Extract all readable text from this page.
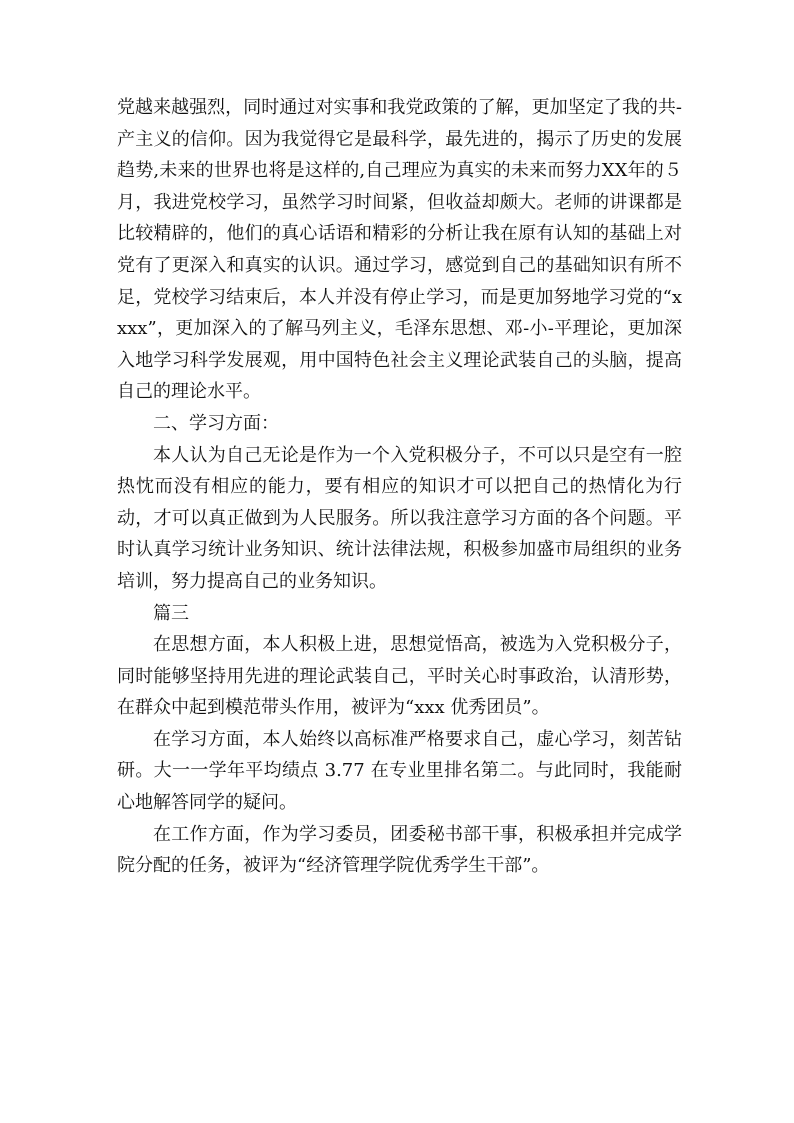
党越来越强烈，同时通过对实事和我党政策的了解，更加坚定了我的共-产主义的信仰。因为我觉得它是最科学，最先进的，揭示了历史的发展趋势,未来的世界也将是这样的,自己理应为真实的未来而努力XX年的５月，我进党校学习，虽然学习时间紧，但收益却颇大。老师的讲课都是比较精辟的，他们的真心话语和精彩的分析让我在原有认知的基础上对党有了更深入和真实的认识。通过学习，感觉到自己的基础知识有所不足，党校学习结束后，本人并没有停止学习，而是更加努地学习党的“xxxx”，更加深入的了解马列主义，毛泽东思想、邓-小-平理论，更加深入地学习科学发展观，用中国特色社会主义理论武装自己的头脑，提高自己的理论水平。

二、学习方面：

本人认为自己无论是作为一个入党积极分子，不可以只是空有一腔热忱而没有相应的能力，要有相应的知识才可以把自己的热情化为行动，才可以真正做到为人民服务。所以我注意学习方面的各个问题。平时认真学习统计业务知识、统计法律法规，积极参加盛市局组织的业务培训，努力提高自己的业务知识。

篇三

在思想方面，本人积极上进，思想觉悟高，被选为入党积极分子，同时能够坚持用先进的理论武装自己，平时关心时事政治，认清形势，在群众中起到模范带头作用，被评为“xxx 优秀团员”。

在学习方面，本人始终以高标准严格要求自己，虚心学习，刻苦钻研。大一一学年平均绩点 3.77 在专业里排名第二。与此同时，我能耐心地解答同学的疑问。

在工作方面，作为学习委员，团委秘书部干事，积极承担并完成学院分配的任务，被评为“经济管理学院优秀学生干部”。
